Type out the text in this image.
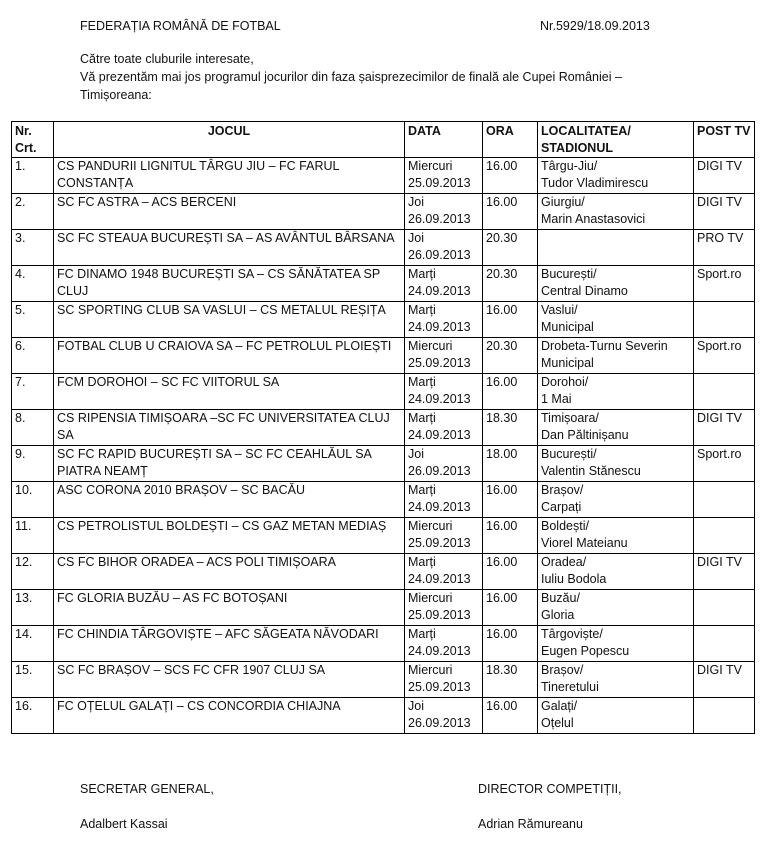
FEDERAȚIA ROMÂNĂ DE FOTBAL	Nr.5929/18.09.2013
Către toate cluburile interesate,
Vă prezentăm mai jos programul jocurilor din faza șaisprezecimilor de finală ale Cupei României –
Timișoreana:
Nr.
Crt.	JOCUL	DATA	ORA	LOCALITATEA/
STADIONUL	POST TV

1.	CS PANDURII LIGNITUL TÂRGU JIU – FC FARUL
CONSTANȚA	Miercuri
25.09.2013	16.00	Târgu-Jiu/
Tudor Vladimirescu	DIGI TV

2.	SC FC ASTRA – ACS BERCENI	Joi
26.09.2013	16.00	Giurgiu/
Marin Anastasovici	DIGI TV

3.	SC FC STEAUA BUCUREȘTI SA – AS AVÂNTUL BÂRSANA	Joi
26.09.2013	20.30		PRO TV

4.	FC DINAMO 1948 BUCUREȘTI SA – CS SĂNĂTATEA SP
CLUJ	Marți
24.09.2013	20.30	București/
Central Dinamo	Sport.ro

5.	SC SPORTING CLUB SA VASLUI – CS METALUL REȘIȚA	Marți
24.09.2013	16.00	Vaslui/
Municipal	

6.	FOTBAL CLUB U CRAIOVA SA – FC PETROLUL PLOIEȘTI	Miercuri
25.09.2013	20.30	Drobeta-Turnu Severin
Municipal	Sport.ro

7.	FCM DOROHOI – SC FC VIITORUL SA	Marți
24.09.2013	16.00	Dorohoi/
1 Mai	

8.	CS RIPENSIA TIMIȘOARA –SC FC UNIVERSITATEA CLUJ
SA	Marți
24.09.2013	18.30	Timișoara/
Dan Păltinișanu	DIGI TV

9.	SC FC RAPID BUCUREȘTI SA – SC FC CEAHLĂUL SA
PIATRA NEAMȚ	Joi
26.09.2013	18.00	București/
Valentin Stănescu	Sport.ro

10.	ASC CORONA 2010 BRAȘOV – SC BACĂU	Marți
24.09.2013	16.00	Brașov/
Carpați	

11.	CS PETROLISTUL BOLDEȘTI – CS GAZ METAN MEDIAȘ	Miercuri
25.09.2013	16.00	Boldești/
Viorel Mateianu	

12.	CS FC BIHOR ORADEA – ACS POLI TIMIȘOARA	Marți
24.09.2013	16.00	Oradea/
Iuliu Bodola	DIGI TV

13.	FC GLORIA BUZĂU – AS FC BOTOȘANI	Miercuri
25.09.2013	16.00	Buzău/
Gloria	

14.	FC CHINDIA TÂRGOVIȘTE – AFC SĂGEATA NĂVODARI	Marți
24.09.2013	16.00	Târgoviște/
Eugen Popescu	

15.	SC FC BRAȘOV – SCS FC CFR 1907 CLUJ SA	Miercuri
25.09.2013	18.30	Brașov/
Tineretului	DIGI TV

16.	FC OȚELUL GALAȚI – CS CONCORDIA CHIAJNA	Joi
26.09.2013	16.00	Galați/
Oțelul	

SECRETAR GENERAL,	DIRECTOR COMPETIȚII,
Adalbert Kassai	Adrian Rămureanu
